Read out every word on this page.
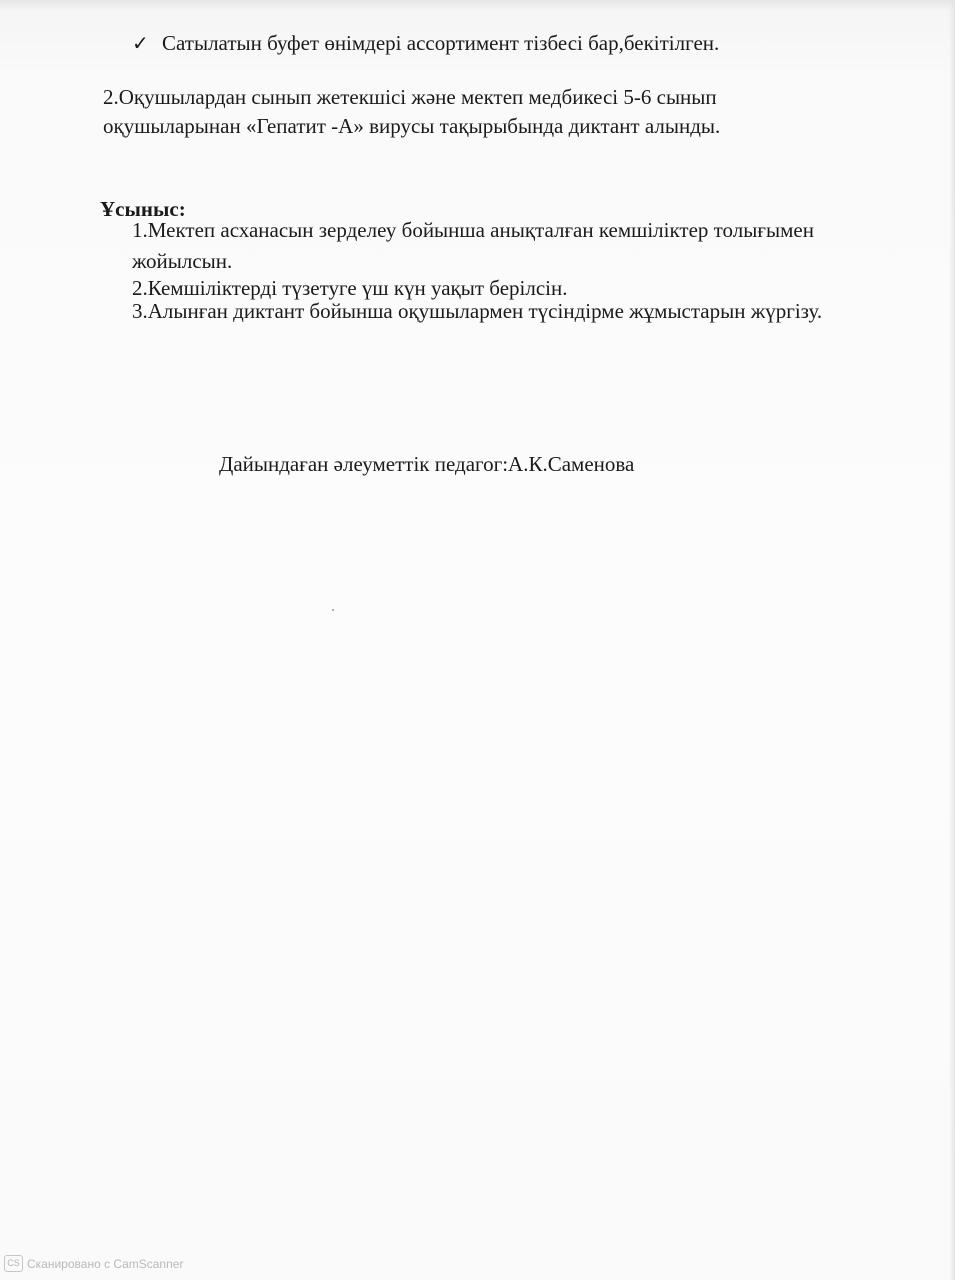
✓ Сатылатын буфет өнімдері ассортимент тізбесі бар,бекітілген.
2.Оқушылардан сынып жетекшісі және мектеп медбикесі 5-6 сынып
оқушыларынан «Гепатит -А» вирусы тақырыбында диктант алынды.
Ұсыныс:
1.Мектеп асханасын зерделеу бойынша анықталған кемшіліктер толығымен
жойылсын.
2.Кемшіліктерді түзетуге үш күн уақыт берілсін.
3.Алынған диктант бойынша оқушылармен түсіндірме жұмыстарын жүргізу.
Дайындаған әлеуметтік педагог:А.К.Саменова
CS Сканировано с CamScanner
